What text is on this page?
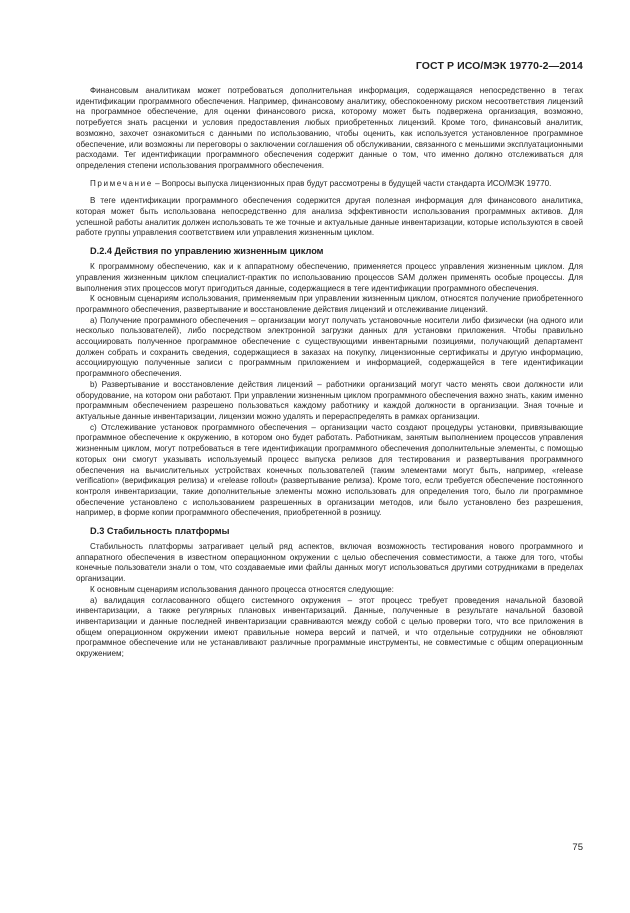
ГОСТ Р ИСО/МЭК 19770-2—2014

Финансовым аналитикам может потребоваться дополнительная информация, содержащаяся непосредственно в тегах идентификации программного обеспечения. Например, финансовому аналитику, обеспокоенному риском несоответствия лицензий на программное обеспечение, для оценки финансового риска, которому может быть подвержена организация, возможно, потребуется знать расценки и условия предоставления любых приобретенных лицензий. Кроме того, финансовый аналитик, возможно, захочет ознакомиться с данными по использованию, чтобы оценить, как используется установленное программное обеспечение, или возможны ли переговоры о заключении соглашения об обслуживании, связанного с меньшими эксплуатационными расходами. Тег идентификации программного обеспечения содержит данные о том, что именно должно отслеживаться для определения степени использования программного обеспечения.

Примечание – Вопросы выпуска лицензионных прав будут рассмотрены в будущей части стандарта ИСО/МЭК 19770.

В теге идентификации программного обеспечения содержится другая полезная информация для финансового аналитика, которая может быть использована непосредственно для анализа эффективности использования программных активов. Для успешной работы аналитик должен использовать те же точные и актуальные данные инвентаризации, которые используются в своей работе группы управления соответствием или управления жизненным циклом.

D.2.4 Действия по управлению жизненным циклом

К программному обеспечению, как и к аппаратному обеспечению, применяется процесс управления жизненным циклом. Для управления жизненным циклом специалист-практик по использованию процессов SAM должен применять особые процессы. Для выполнения этих процессов могут пригодиться данные, содержащиеся в теге идентификации программного обеспечения.

К основным сценариям использования, применяемым при управлении жизненным циклом, относятся получение приобретенного программного обеспечения, развертывание и восстановление действия лицензий и отслеживание лицензий.

a) Получение программного обеспечения – организации могут получать установочные носители либо физически (на одного или несколько пользователей), либо посредством электронной загрузки данных для установки приложения. Чтобы правильно ассоциировать полученное программное обеспечение с существующими инвентарными позициями, получающий департамент должен собрать и сохранить сведения, содержащиеся в заказах на покупку, лицензионные сертификаты и другую информацию, ассоциирующую полученные записи с программным приложением и информацией, содержащейся в теге идентификации программного обеспечения.

b) Развертывание и восстановление действия лицензий – работники организаций могут часто менять свои должности или оборудование, на котором они работают. При управлении жизненным циклом программного обеспечения важно знать, каким именно программным обеспечением разрешено пользоваться каждому работнику и каждой должности в организации. Зная точные и актуальные данные инвентаризации, лицензии можно удалять и перераспределять в рамках организации.

c) Отслеживание установок программного обеспечения – организации часто создают процедуры установки, привязывающие программное обеспечение к окружению, в котором оно будет работать. Работникам, занятым выполнением процессов управления жизненным циклом, могут потребоваться в теге идентификации программного обеспечения дополнительные элементы, с помощью которых они смогут указывать используемый процесс выпуска релизов для тестирования и развертывания программного обеспечения на вычислительных устройствах конечных пользователей (таким элементами могут быть, например, «release verification» (верификация релиза) и «release rollout» (развертывание релиза). Кроме того, если требуется обеспечение постоянного контроля инвентаризации, такие дополнительные элементы можно использовать для определения того, было ли программное обеспечение установлено с использованием разрешенных в организации методов, или было установлено без разрешения, например, в форме копии программного обеспечения, приобретенной в розницу.

D.3 Стабильность платформы

Стабильность платформы затрагивает целый ряд аспектов, включая возможность тестирования нового программного и аппаратного обеспечения в известном операционном окружении с целью обеспечения совместимости, а также для того, чтобы конечные пользователи знали о том, что создаваемые ими файлы данных могут использоваться другими сотрудниками в пределах организации.

К основным сценариям использования данного процесса относятся следующие:

a) валидация согласованного общего системного окружения – этот процесс требует проведения начальной базовой инвентаризации, а также регулярных плановых инвентаризаций. Данные, полученные в результате начальной базовой инвентаризации и данные последней инвентаризации сравниваются между собой с целью проверки того, что все приложения в общем операционном окружении имеют правильные номера версий и патчей, и что отдельные сотрудники не обновляют программное обеспечение или не устанавливают различные программные инструменты, не совместимые с общим операционным окружением;

75
